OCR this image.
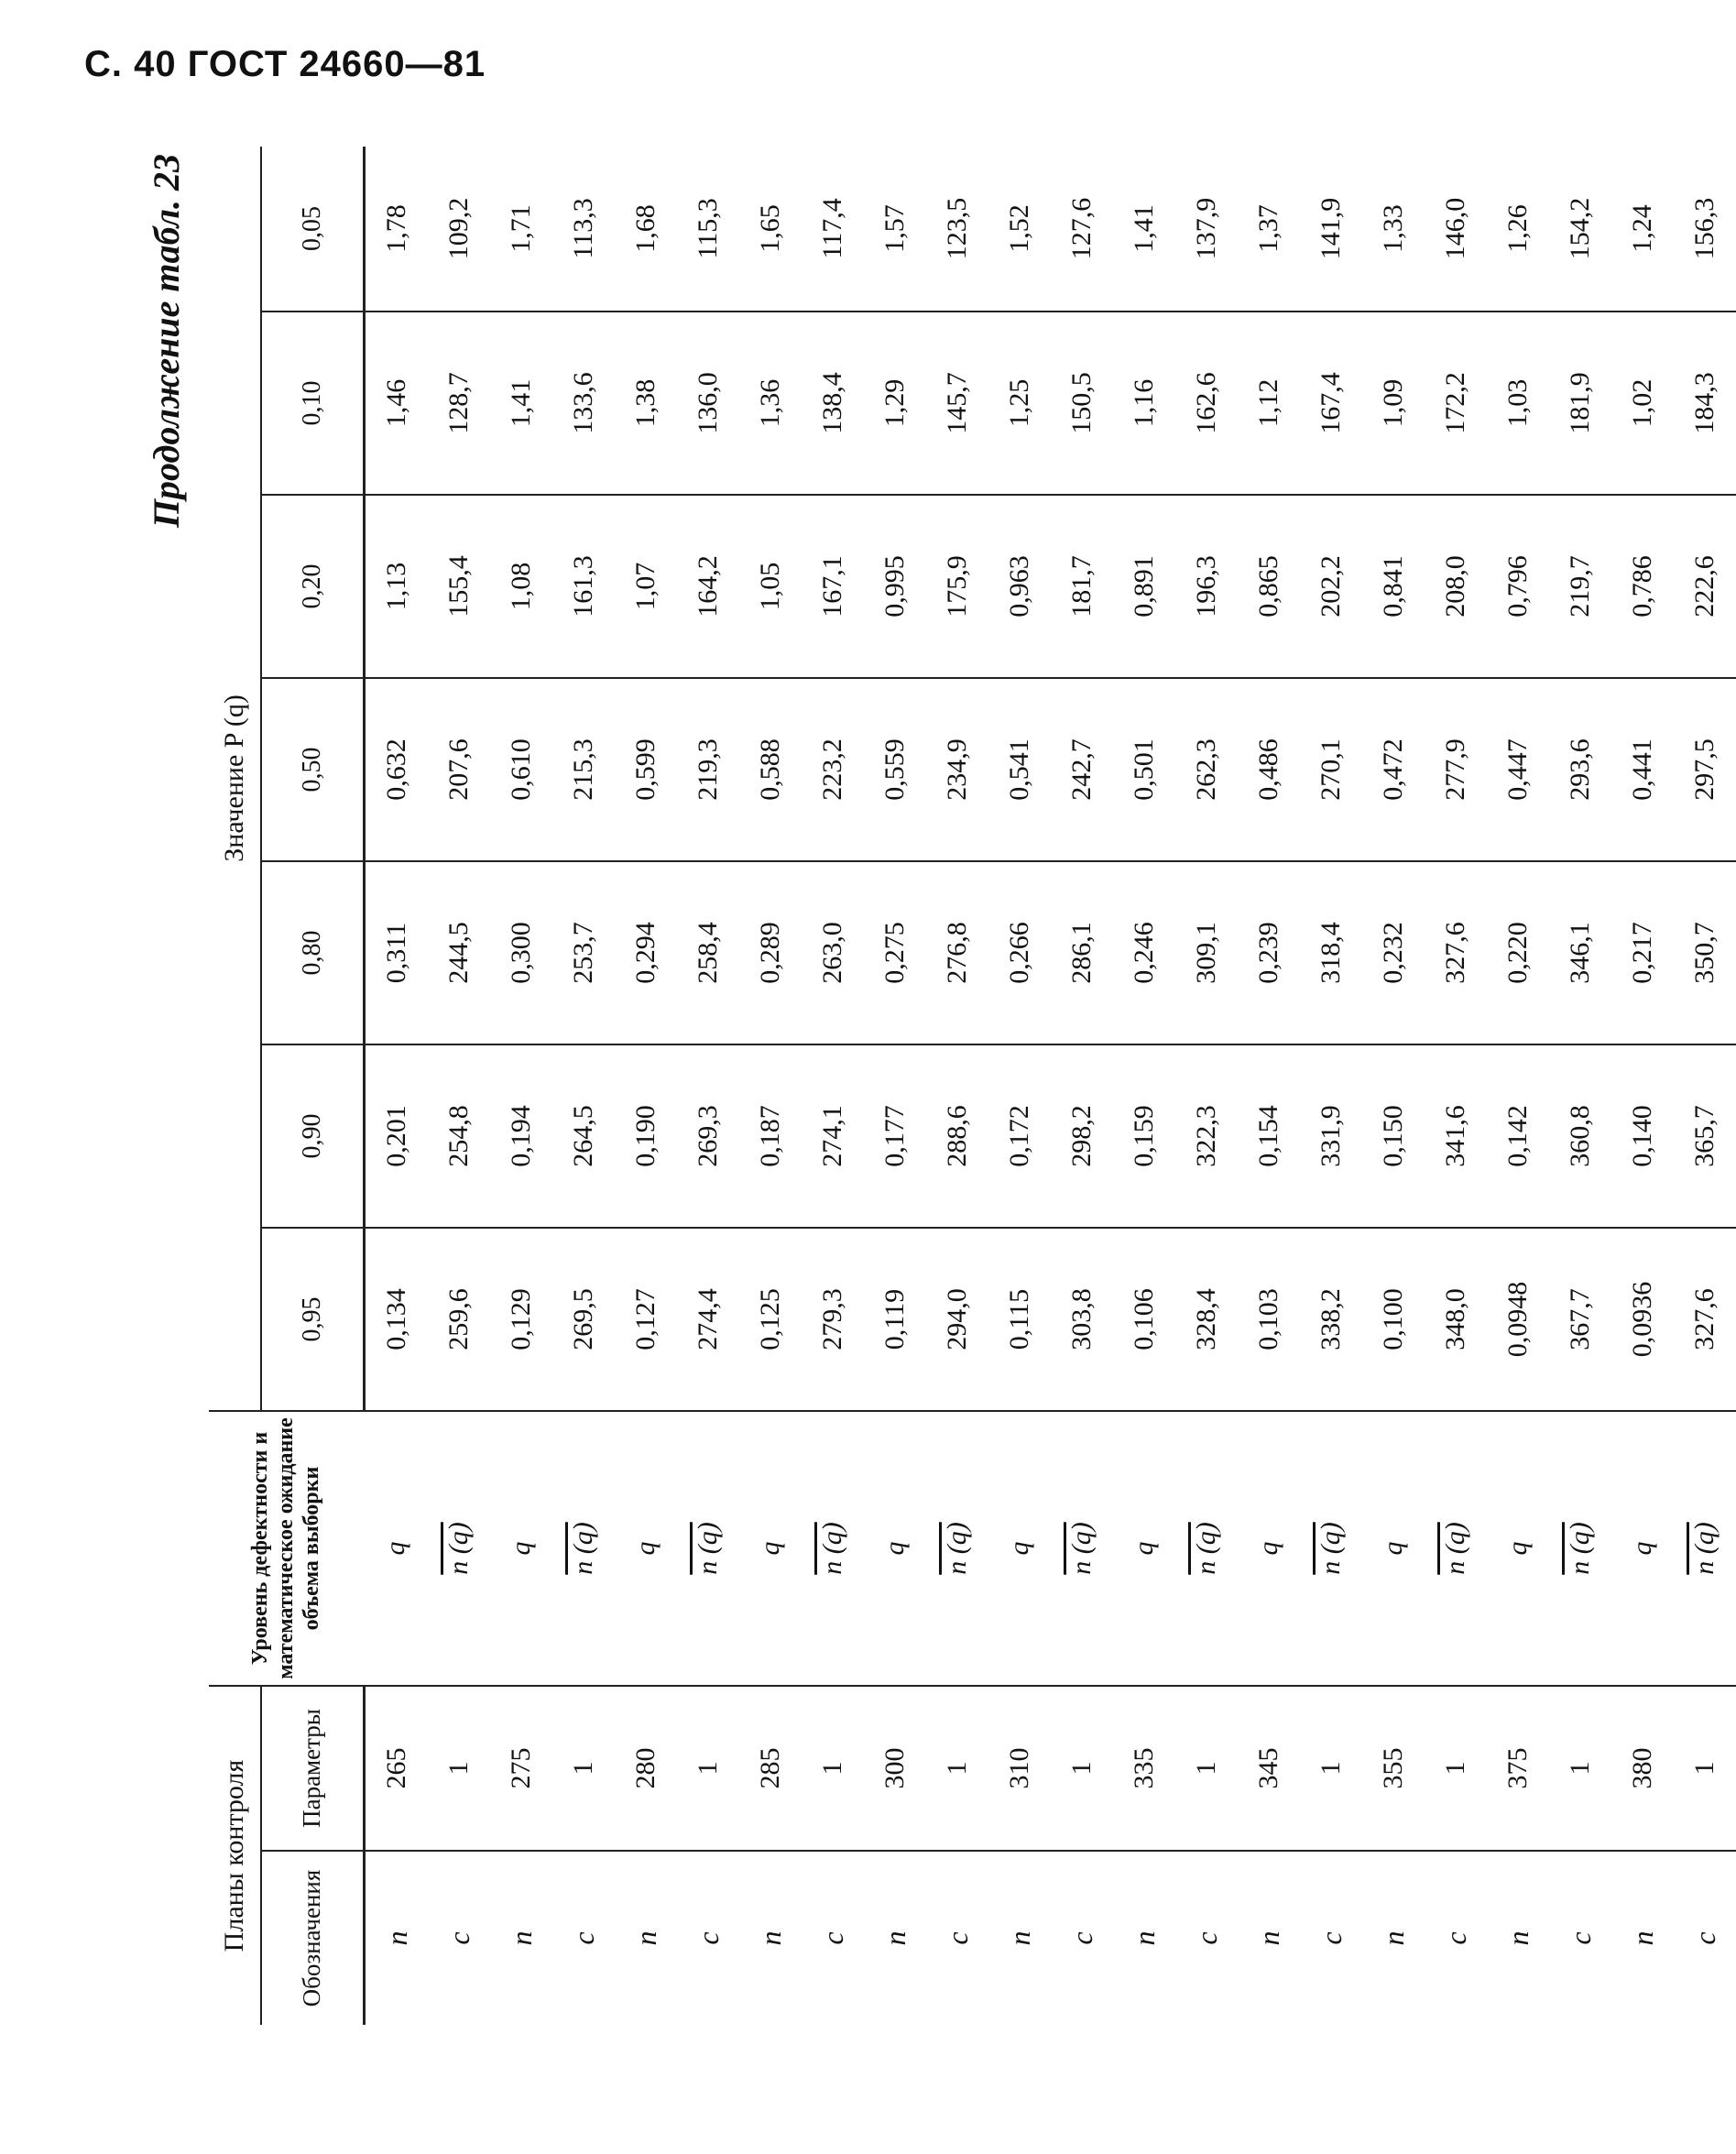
С. 40 ГОСТ 24660—81
Продолжение табл. 23
Планы контроля		Уровень дефектности и математическое ожидание объема выборки	Значение P (q)						
Обозначения	Параметры		0,95	0,90	0,80	0,50	0,20	0,10	0,05
n	265	q	0,134	0,201	0,311	0,632	1,13	1,46	1,78
c	1	n (q)	259,6	254,8	244,5	207,6	155,4	128,7	109,2
n	275	q	0,129	0,194	0,300	0,610	1,08	1,41	1,71
c	1	n (q)	269,5	264,5	253,7	215,3	161,3	133,6	113,3
n	280	q	0,127	0,190	0,294	0,599	1,07	1,38	1,68
c	1	n (q)	274,4	269,3	258,4	219,3	164,2	136,0	115,3
n	285	q	0,125	0,187	0,289	0,588	1,05	1,36	1,65
c	1	n (q)	279,3	274,1	263,0	223,2	167,1	138,4	117,4
n	300	q	0,119	0,177	0,275	0,559	0,995	1,29	1,57
c	1	n (q)	294,0	288,6	276,8	234,9	175,9	145,7	123,5
n	310	q	0,115	0,172	0,266	0,541	0,963	1,25	1,52
c	1	n (q)	303,8	298,2	286,1	242,7	181,7	150,5	127,6
n	335	q	0,106	0,159	0,246	0,501	0,891	1,16	1,41
c	1	n (q)	328,4	322,3	309,1	262,3	196,3	162,6	137,9
n	345	q	0,103	0,154	0,239	0,486	0,865	1,12	1,37
c	1	n (q)	338,2	331,9	318,4	270,1	202,2	167,4	141,9
n	355	q	0,100	0,150	0,232	0,472	0,841	1,09	1,33
c	1	n (q)	348,0	341,6	327,6	277,9	208,0	172,2	146,0
n	375	q	0,0948	0,142	0,220	0,447	0,796	1,03	1,26
c	1	n (q)	367,7	360,8	346,1	293,6	219,7	181,9	154,2
n	380	q	0,0936	0,140	0,217	0,441	0,786	1,02	1,24
c	1	n (q)	327,6	365,7	350,7	297,5	222,6	184,3	156,3
